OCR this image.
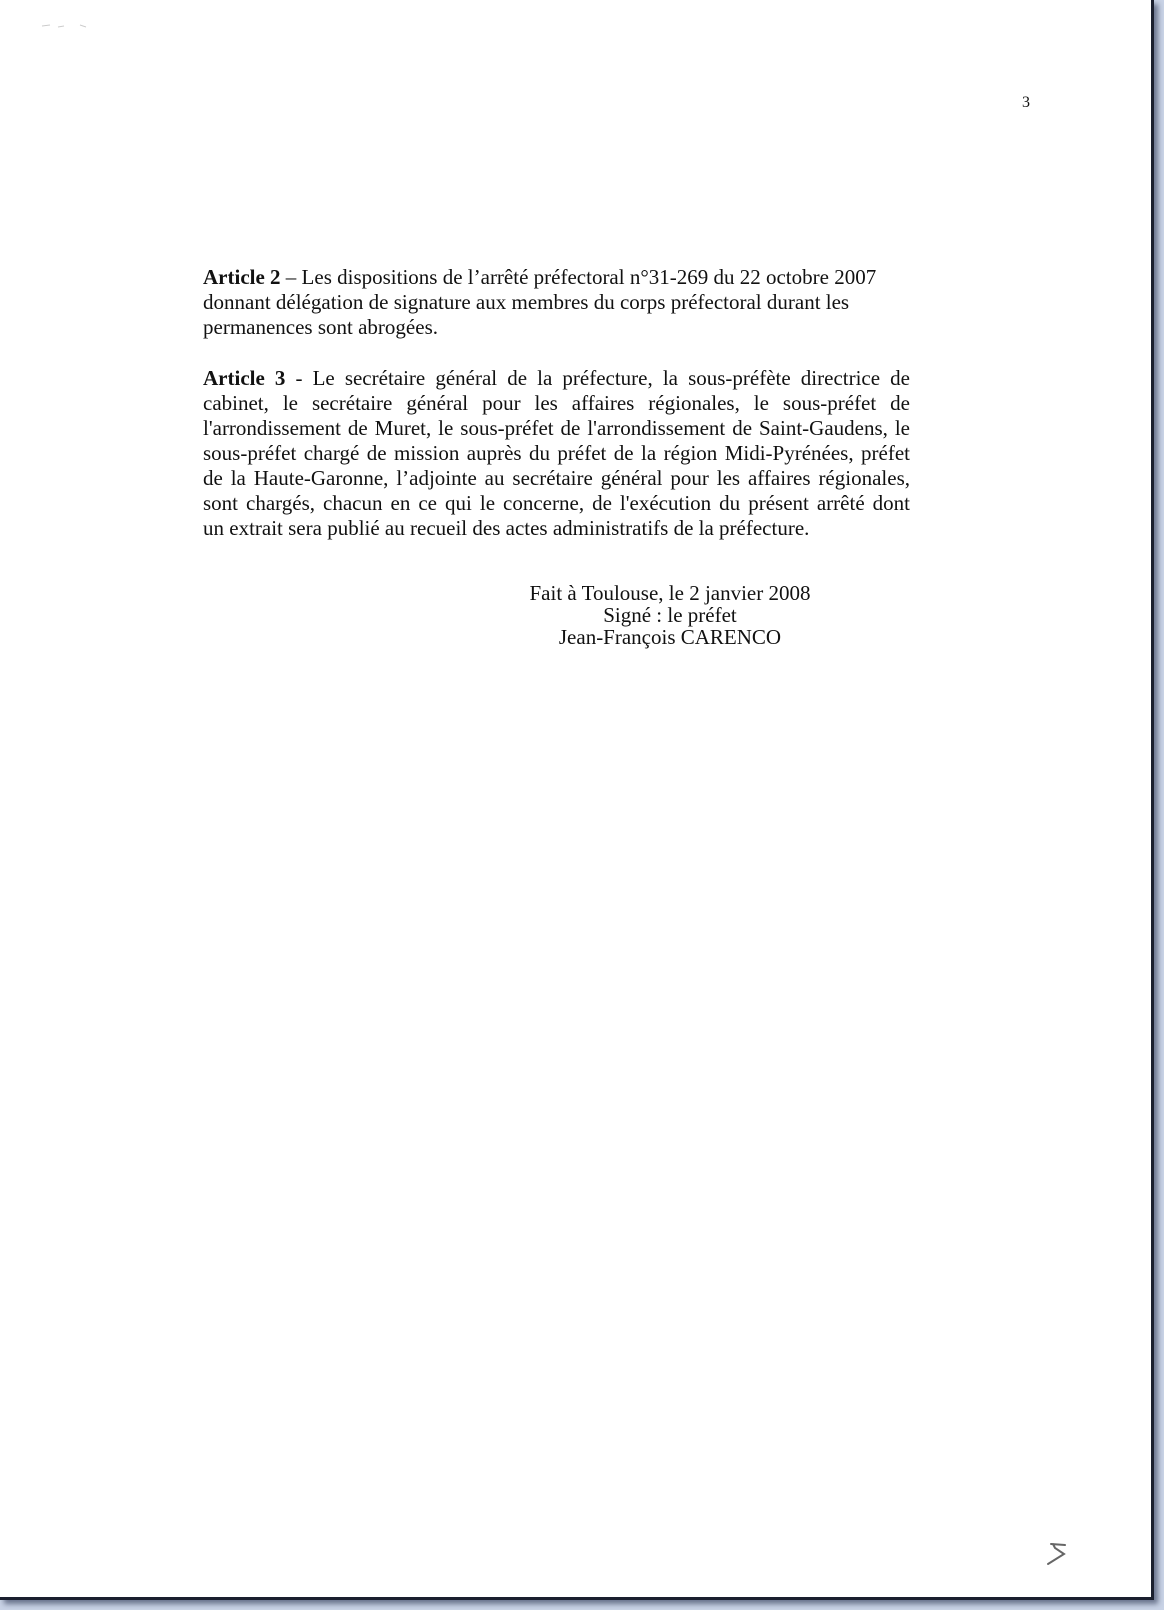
3
Article 2 – Les dispositions de l’arrêté préfectoral n°31-269 du 22 octobre 2007
donnant délégation de signature aux membres du corps préfectoral durant les
permanences sont abrogées.
Article 3 - Le secrétaire général de la préfecture, la sous-préfète directrice de
cabinet, le secrétaire général pour les affaires régionales, le sous-préfet de
l'arrondissement de Muret, le sous-préfet de l'arrondissement de Saint-Gaudens, le
sous-préfet chargé de mission auprès du préfet de la région Midi-Pyrénées, préfet
de la Haute-Garonne, l’adjointe au secrétaire général pour les affaires régionales,
sont chargés, chacun en ce qui le concerne, de l'exécution du présent arrêté dont
un extrait sera publié au recueil des actes administratifs de la préfecture.
Fait à Toulouse, le 2 janvier 2008
Signé : le préfet
Jean-François CARENCO
